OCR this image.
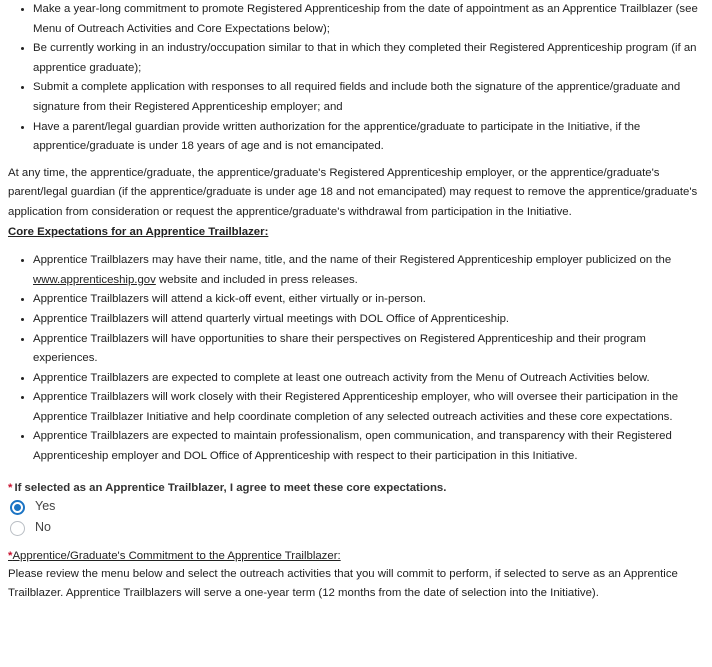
• Make a year-long commitment to promote Registered Apprenticeship from the date of appointment as an Apprentice Trailblazer (see Menu of Outreach Activities and Core Expectations below);
• Be currently working in an industry/occupation similar to that in which they completed their Registered Apprenticeship program (if an apprentice graduate);
• Submit a complete application with responses to all required fields and include both the signature of the apprentice/graduate and signature from their Registered Apprenticeship employer; and
• Have a parent/legal guardian provide written authorization for the apprentice/graduate to participate in the Initiative, if the apprentice/graduate is under 18 years of age and is not emancipated.

At any time, the apprentice/graduate, the apprentice/graduate's Registered Apprenticeship employer, or the apprentice/graduate's parent/legal guardian (if the apprentice/graduate is under age 18 and not emancipated) may request to remove the apprentice/graduate's application from consideration or request the apprentice/graduate's withdrawal from participation in the Initiative.

Core Expectations for an Apprentice Trailblazer:

• Apprentice Trailblazers may have their name, title, and the name of their Registered Apprenticeship employer publicized on the www.apprenticeship.gov website and included in press releases.
• Apprentice Trailblazers will attend a kick-off event, either virtually or in-person.
• Apprentice Trailblazers will attend quarterly virtual meetings with DOL Office of Apprenticeship.
• Apprentice Trailblazers will have opportunities to share their perspectives on Registered Apprenticeship and their program experiences.
• Apprentice Trailblazers are expected to complete at least one outreach activity from the Menu of Outreach Activities below.
• Apprentice Trailblazers will work closely with their Registered Apprenticeship employer, who will oversee their participation in the Apprentice Trailblazer Initiative and help coordinate completion of any selected outreach activities and these core expectations.
• Apprentice Trailblazers are expected to maintain professionalism, open communication, and transparency with their Registered Apprenticeship employer and DOL Office of Apprenticeship with respect to their participation in this Initiative.
* If selected as an Apprentice Trailblazer, I agree to meet these core expectations.
Yes
No
*Apprentice/Graduate's Commitment to the Apprentice Trailblazer:

Please review the menu below and select the outreach activities that you will commit to perform, if selected to serve as an Apprentice Trailblazer. Apprentice Trailblazers will serve a one-year term (12 months from the date of selection into the Initiative).
